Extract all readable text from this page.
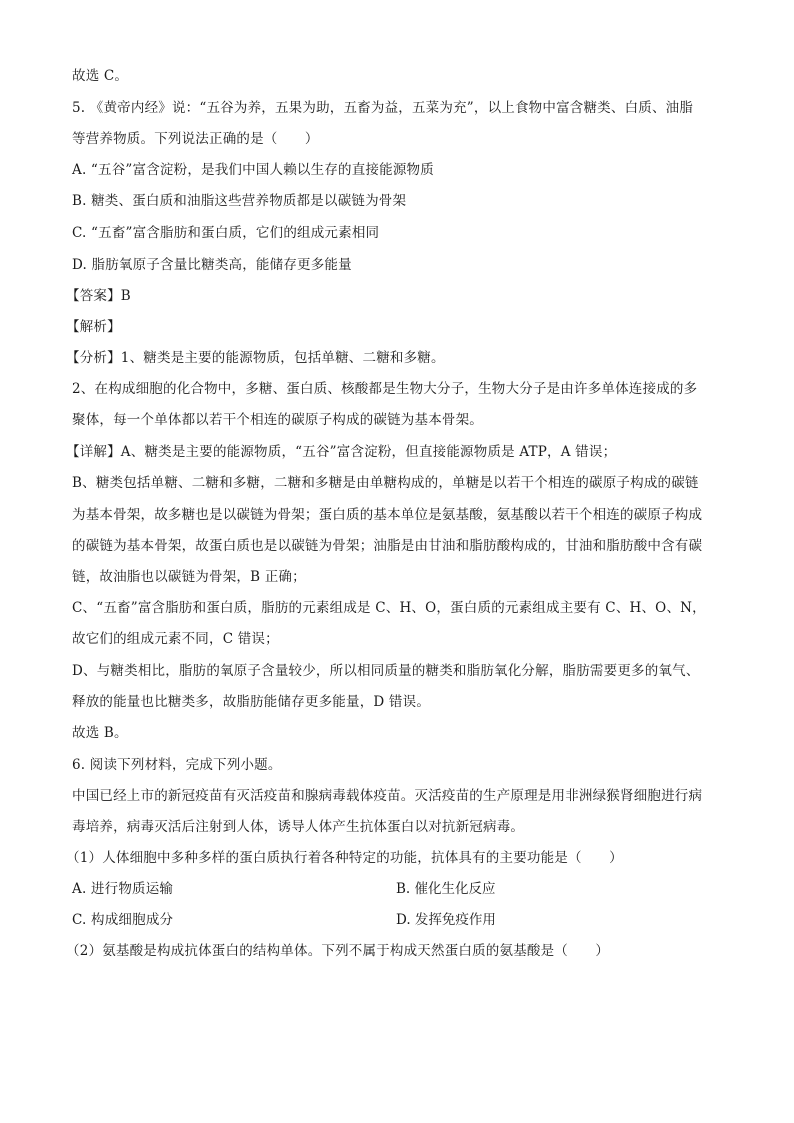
故选 C。
5. 《黄帝内经》说：“五谷为养，五果为助，五畜为益，五菜为充”，以上食物中富含糖类、白质、油脂
等营养物质。下列说法正确的是（　　）
A. “五谷”富含淀粉，是我们中国人赖以生存的直接能源物质
B. 糖类、蛋白质和油脂这些营养物质都是以碳链为骨架
C. “五畜”富含脂肪和蛋白质，它们的组成元素相同
D. 脂肪氧原子含量比糖类高，能储存更多能量
【答案】B
【解析】
【分析】1、糖类是主要的能源物质，包括单糖、二糖和多糖。
2、在构成细胞的化合物中，多糖、蛋白质、核酸都是生物大分子，生物大分子是由许多单体连接成的多
聚体，每一个单体都以若干个相连的碳原子构成的碳链为基本骨架。
【详解】A、糖类是主要的能源物质，“五谷”富含淀粉，但直接能源物质是 ATP，A 错误；
B、糖类包括单糖、二糖和多糖，二糖和多糖是由单糖构成的，单糖是以若干个相连的碳原子构成的碳链
为基本骨架，故多糖也是以碳链为骨架；蛋白质的基本单位是氨基酸，氨基酸以若干个相连的碳原子构成
的碳链为基本骨架，故蛋白质也是以碳链为骨架；油脂是由甘油和脂肪酸构成的，甘油和脂肪酸中含有碳
链，故油脂也以碳链为骨架，B 正确；
C、“五畜”富含脂肪和蛋白质，脂肪的元素组成是 C、H、O，蛋白质的元素组成主要有 C、H、O、N，
故它们的组成元素不同，C 错误；
D、与糖类相比，脂肪的氧原子含量较少，所以相同质量的糖类和脂肪氧化分解，脂肪需要更多的氧气、
释放的能量也比糖类多，故脂肪能储存更多能量，D 错误。
故选 B。
6. 阅读下列材料，完成下列小题。
中国已经上市的新冠疫苗有灭活疫苗和腺病毒载体疫苗。灭活疫苗的生产原理是用非洲绿猴肾细胞进行病
毒培养，病毒灭活后注射到人体，诱导人体产生抗体蛋白以对抗新冠病毒。
（1）人体细胞中多种多样的蛋白质执行着各种特定的功能，抗体具有的主要功能是（　　）
A. 进行物质运输	B. 催化生化反应
C. 构成细胞成分	D. 发挥免疫作用
（2）氨基酸是构成抗体蛋白的结构单体。下列不属于构成天然蛋白质的氨基酸是（　　）
